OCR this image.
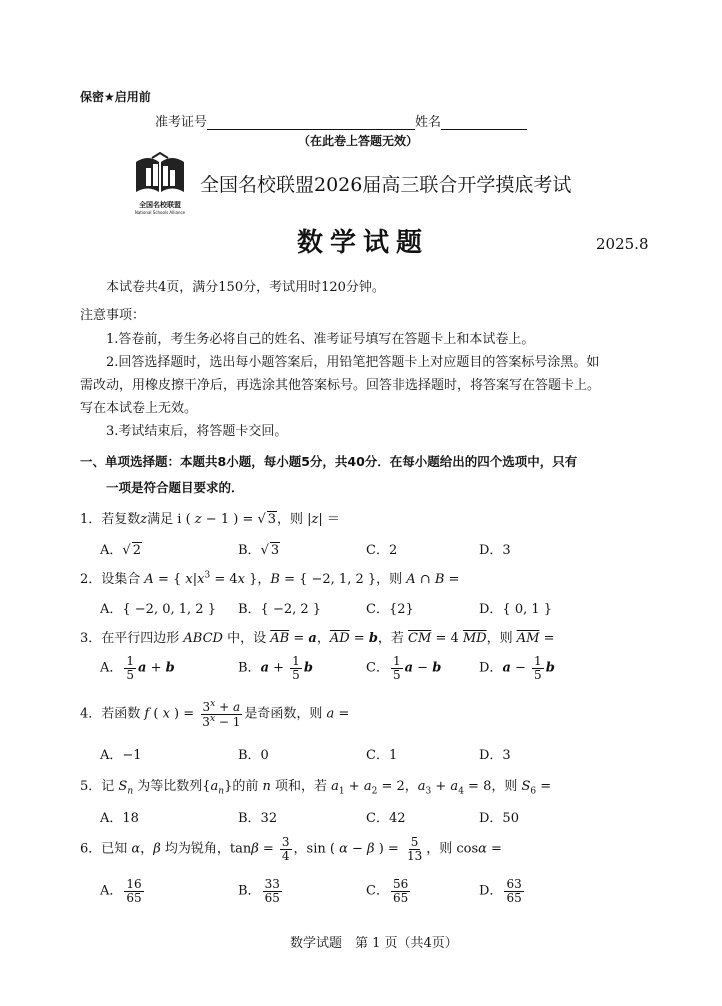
保密★启用前
准考证号	姓名
（在此卷上答题无效）
全国名校联盟
National Schools Alliance
全国名校联盟2026届高三联合开学摸底考试
数学试题	2025.8
本试卷共4页，满分150分，考试用时120分钟。
注意事项：
1.答卷前，考生务必将自己的姓名、准考证号填写在答题卡上和本试卷上。
2.回答选择题时，选出每小题答案后，用铅笔把答题卡上对应题目的答案标号涂黑。如
需改动，用橡皮擦干净后，再选涂其他答案标号。回答非选择题时，将答案写在答题卡上。
写在本试卷上无效。
3.考试结束后，将答题卡交回。
一、单项选择题：本题共8小题，每小题5分，共40分．在每小题给出的四个选项中，只有
一项是符合题目要求的．
1．若复数z满足 i ( z − 1 ) = √ 3，则 |z| ＝
A．√ 2	B．√ 3	C．2	D．3
2．设集合 A = { $x|x^3 = 4x$ }，B = { −2, 1, 2 }，则 A ∩ B =
A．{ −2, 0, 1, 2 } B．{ −2, 2 }	C．{2}	D．{ 0, 1 }
3．在平行四边形 ABCD 中，设 $\overline{AB} = a$，$\overline{AD} = b$，若 $\overline{CM} = 4$ $\overline{MD}$，则 $\overline{AM}$ =
A． $\frac{1}{5}$ a + b	B．$a + \frac{1}{5}$ b	C． $\frac{1}{5}$ a − b	D．$a - \frac{1}{5}$ b
4．若函数 f ( x ) = $\frac{3^x + a}{3^x - 1}$ 是奇函数，则 a =
A．−1	B．0	C．1	D．3
5．记 $S_n$ 为等比数列$\{a_n\}$的前 n 项和，若 $a_1 + a_2 = 2$，$a_3 + a_4 = 8$，则 $S_6$ =
A．18	B．32	C．42	D．50
6．已知 α，β 均为锐角，$\tan\beta = \frac{3}{4}$ ，sin ( α − β ) = $\frac{5}{13}$ ，则 cosα =
A． $\frac{16}{65}$	B． $\frac{33}{65}$	C． $\frac{56}{65}$	D． $\frac{63}{65}$
数学试题　第 1 页（共4页）
